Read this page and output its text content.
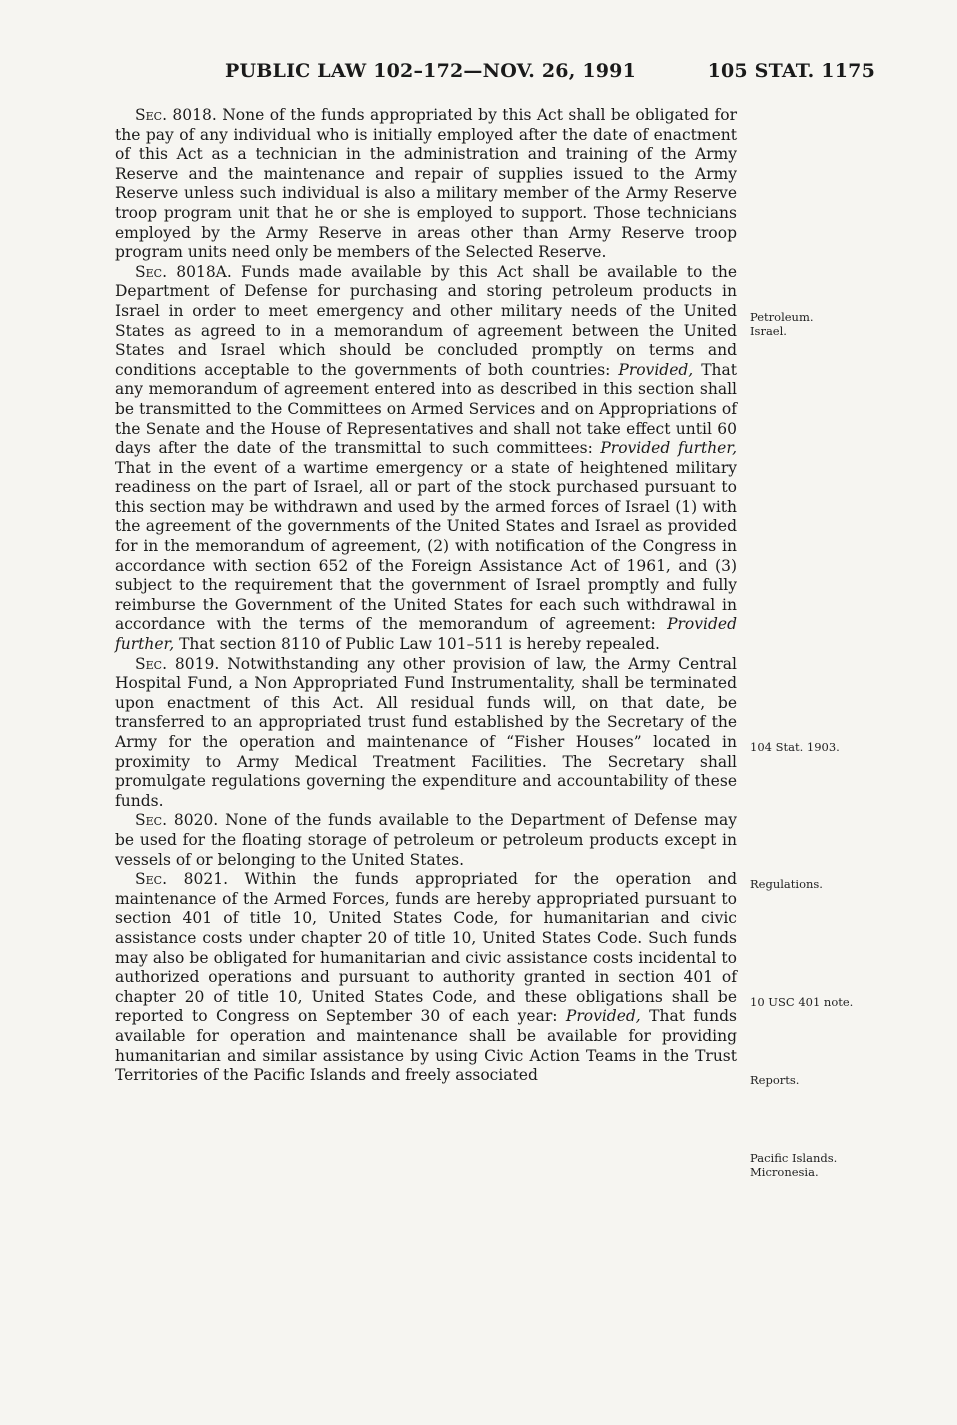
PUBLIC LAW 102–172—NOV. 26, 1991	105 STAT. 1175

Sec. 8018. None of the funds appropriated by this Act shall be obligated for the pay of any individual who is initially employed after the date of enactment of this Act as a technician in the administration and training of the Army Reserve and the maintenance and repair of supplies issued to the Army Reserve unless such individual is also a military member of the Army Reserve troop program unit that he or she is employed to support. Those technicians employed by the Army Reserve in areas other than Army Reserve troop program units need only be members of the Selected Reserve.

Sec. 8018A. Funds made available by this Act shall be available to the Department of Defense for purchasing and storing petroleum products in Israel in order to meet emergency and other military needs of the United States as agreed to in a memorandum of agreement between the United States and Israel which should be concluded promptly on terms and conditions acceptable to the governments of both countries: Provided, That any memorandum of agreement entered into as described in this section shall be transmitted to the Committees on Armed Services and on Appropriations of the Senate and the House of Representatives and shall not take effect until 60 days after the date of the transmittal to such committees: Provided further, That in the event of a wartime emergency or a state of heightened military readiness on the part of Israel, all or part of the stock purchased pursuant to this section may be withdrawn and used by the armed forces of Israel (1) with the agreement of the governments of the United States and Israel as provided for in the memorandum of agreement, (2) with notification of the Congress in accordance with section 652 of the Foreign Assistance Act of 1961, and (3) subject to the requirement that the government of Israel promptly and fully reimburse the Government of the United States for each such withdrawal in accordance with the terms of the memorandum of agreement: Provided further, That section 8110 of Public Law 101–511 is hereby repealed.

Sec. 8019. Notwithstanding any other provision of law, the Army Central Hospital Fund, a Non Appropriated Fund Instrumentality, shall be terminated upon enactment of this Act. All residual funds will, on that date, be transferred to an appropriated trust fund established by the Secretary of the Army for the operation and maintenance of “Fisher Houses” located in proximity to Army Medical Treatment Facilities. The Secretary shall promulgate regulations governing the expenditure and accountability of these funds.

Sec. 8020. None of the funds available to the Department of Defense may be used for the floating storage of petroleum or petroleum products except in vessels of or belonging to the United States.

Sec. 8021. Within the funds appropriated for the operation and maintenance of the Armed Forces, funds are hereby appropriated pursuant to section 401 of title 10, United States Code, for humanitarian and civic assistance costs under chapter 20 of title 10, United States Code. Such funds may also be obligated for humanitarian and civic assistance costs incidental to authorized operations and pursuant to authority granted in section 401 of chapter 20 of title 10, United States Code, and these obligations shall be reported to Congress on September 30 of each year: Provided, That funds available for operation and maintenance shall be available for providing humanitarian and similar assistance by using Civic Action Teams in the Trust Territories of the Pacific Islands and freely associated

Petroleum.
Israel.
104 Stat. 1903.
Regulations.
10 USC 401 note.
Reports.
Pacific Islands.
Micronesia.
